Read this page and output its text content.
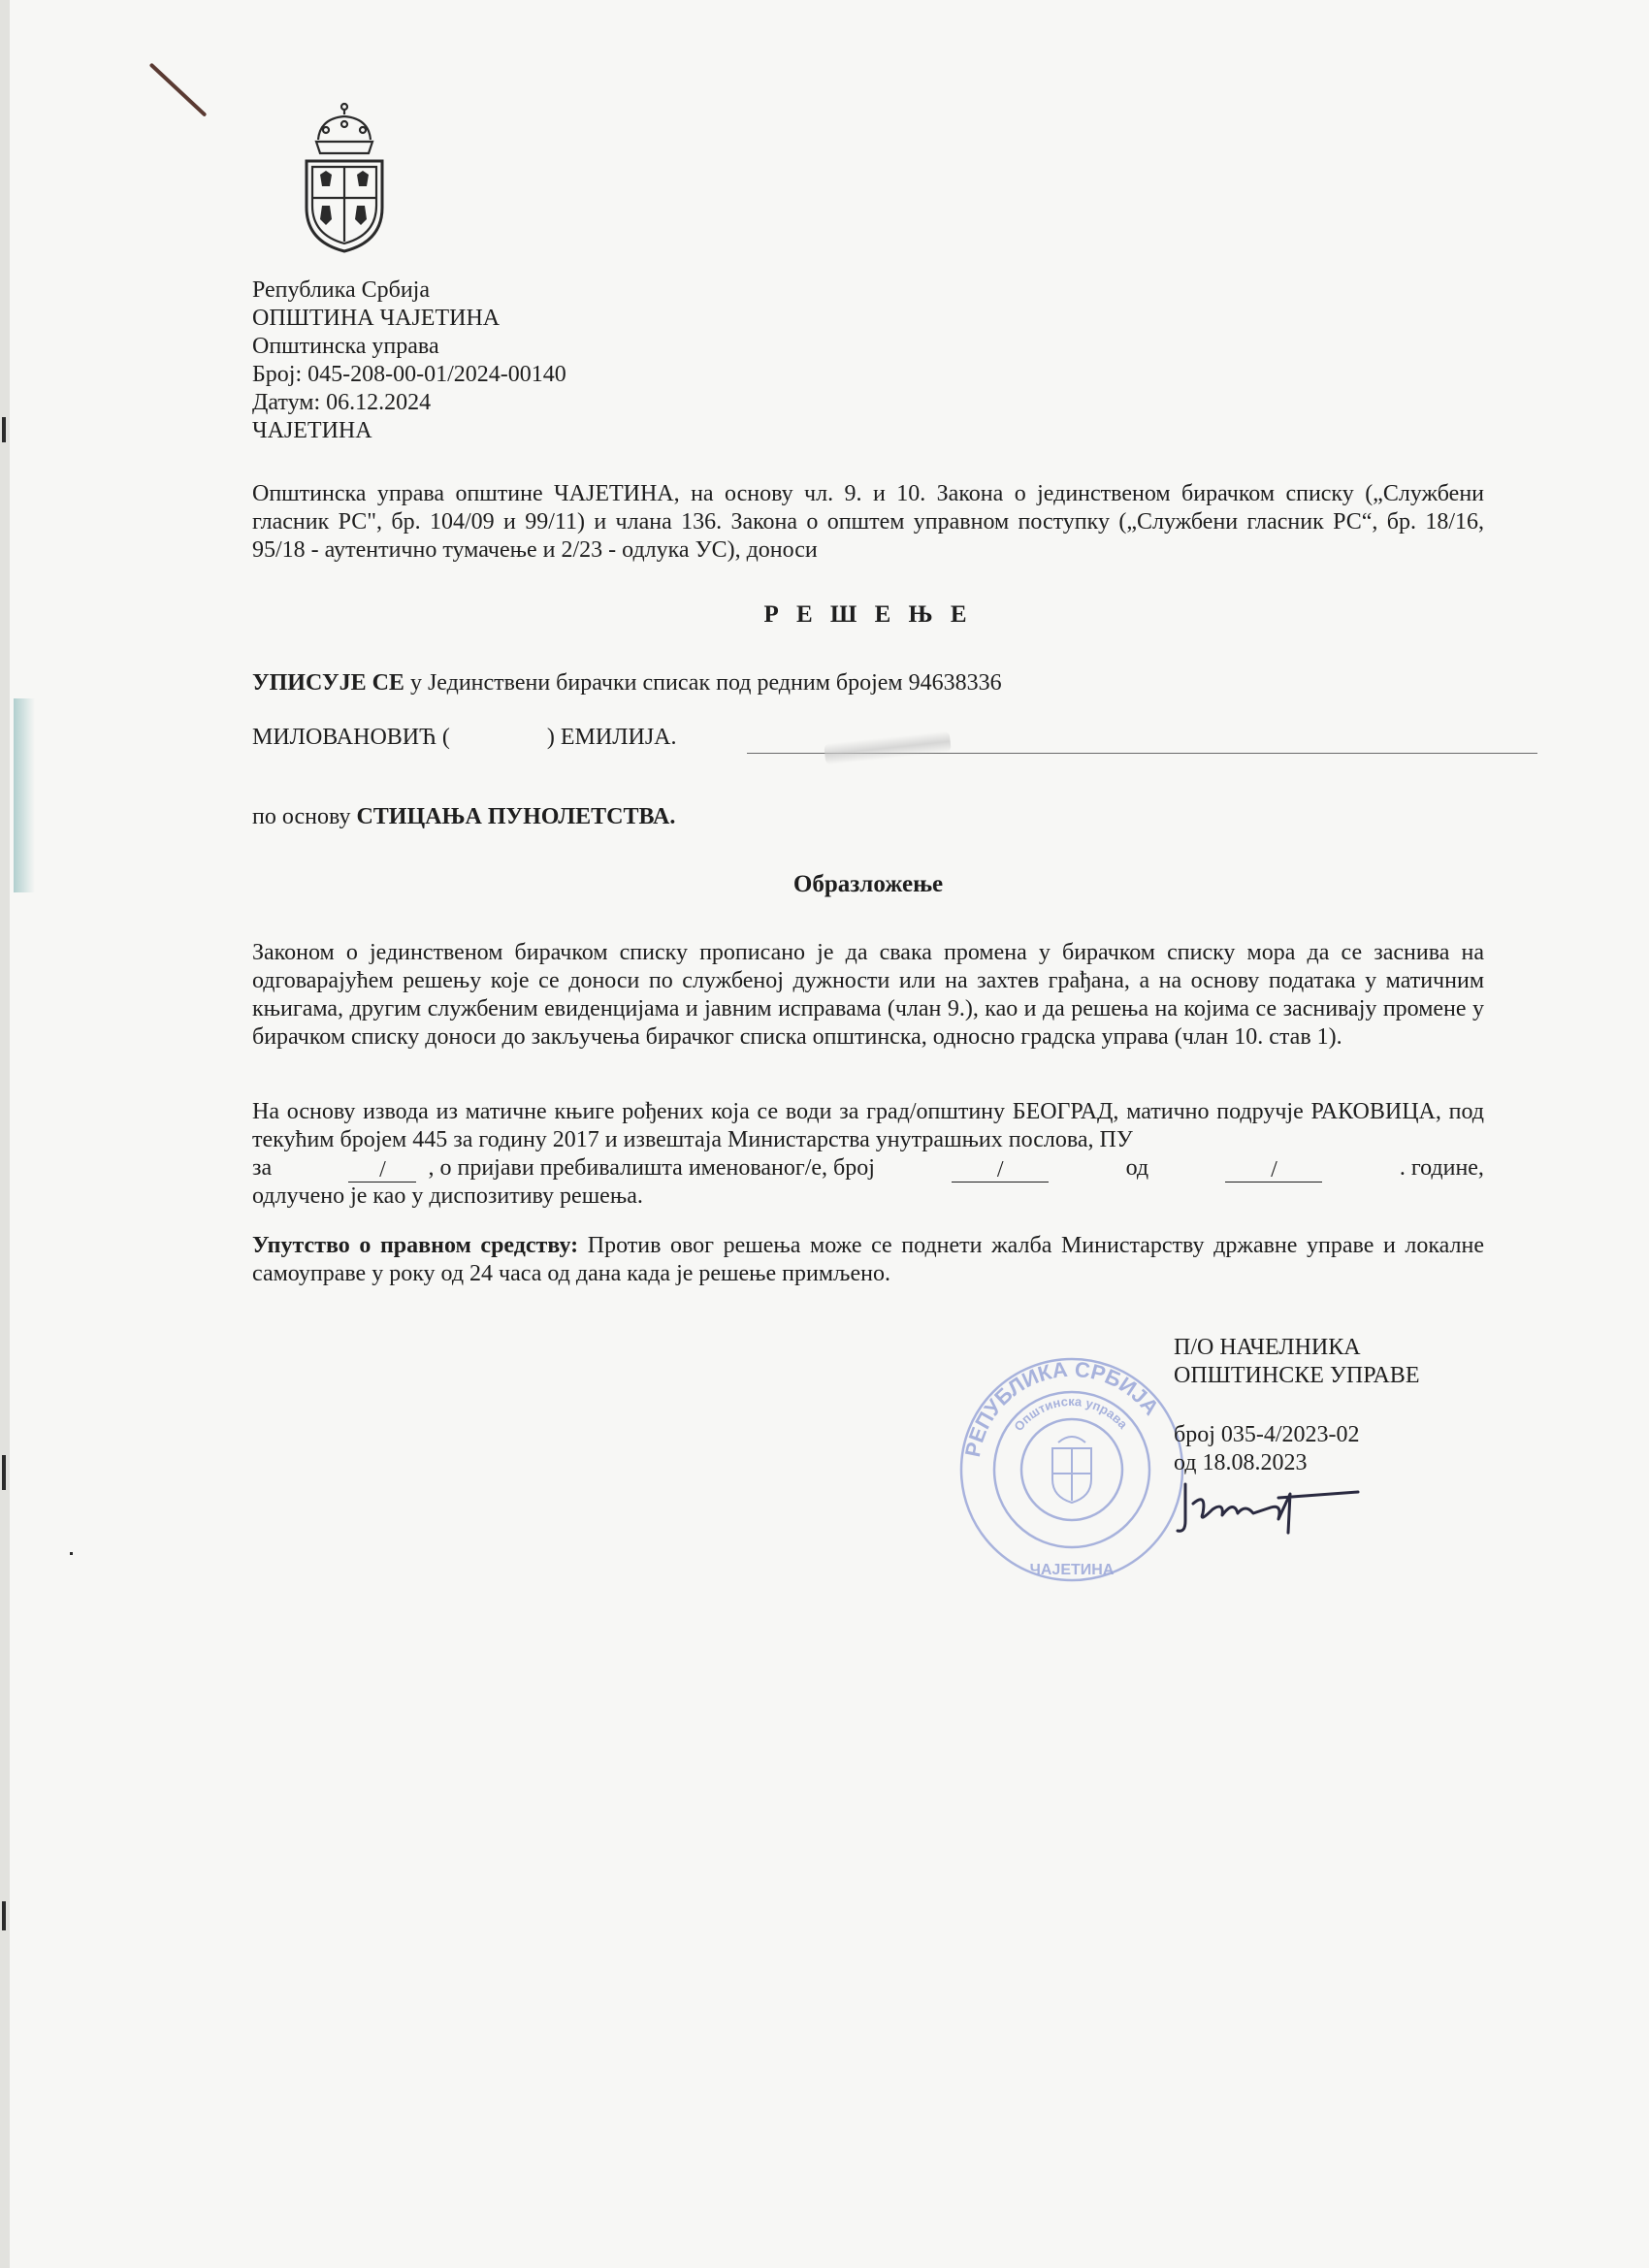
Република Србија
ОПШТИНА ЧАЈЕТИНА
Општинска управа
Број: 045-208-00-01/2024-00140
Датум: 06.12.2024
ЧАЈЕТИНА

Општинска управа општине ЧАЈЕТИНА, на основу чл. 9. и 10. Закона о јединственом бирачком списку („Службени гласник РС", бр. 104/09 и 99/11) и члана 136. Закона о општем управном поступку („Службени гласник РС“, бр. 18/16, 95/18 - аутентично тумачење и 2/23 - одлука УС), доноси

Р Е Ш Е Њ Е
УПИСУЈЕ СЕ у Јединствени бирачки списак под редним бројем 94638336
МИЛОВАНОВИЋ (	) ЕМИЛИЈА.
по основу СТИЦАЊА ПУНОЛЕТСТВА.
Образложење

Законом о јединственом бирачком списку прописано је да свака промена у бирачком списку мора да се заснива на одговарајућем решењу које се доноси по службеној дужности или на захтев грађана, а на основу података у матичним књигама, другим службеним евиденцијама и јавним исправама (члан 9.), као и да решења на којима се заснивају промене у бирачком списку доноси до закључења бирачког списка општинска, односно градска управа (члан 10. став 1).

На основу извода из матичне књиге рођених која се води за град/општину БЕОГРАД, матично подручје РАКОВИЦА, под текућим бројем 445 за годину 2017 и извештаја Министарства унутрашњих послова, ПУ

за	/	, о пријави пребивалишта именованог/е, број	/	од	/	. године,

одлучено је као у диспозитиву решења.

Упутство о правном средству: Против овог решења може се поднети жалба Министарству државне управе и локалне самоуправе у року од 24 часа од дана када је решење примљено.

РЕПУБЛИКА СРБИЈА
Општинска управа
ЧАЈЕТИНА
П/О НАЧЕЛНИКА
ОПШТИНСКЕ УПРАВЕ
број 035-4/2023-02
од 18.08.2023
